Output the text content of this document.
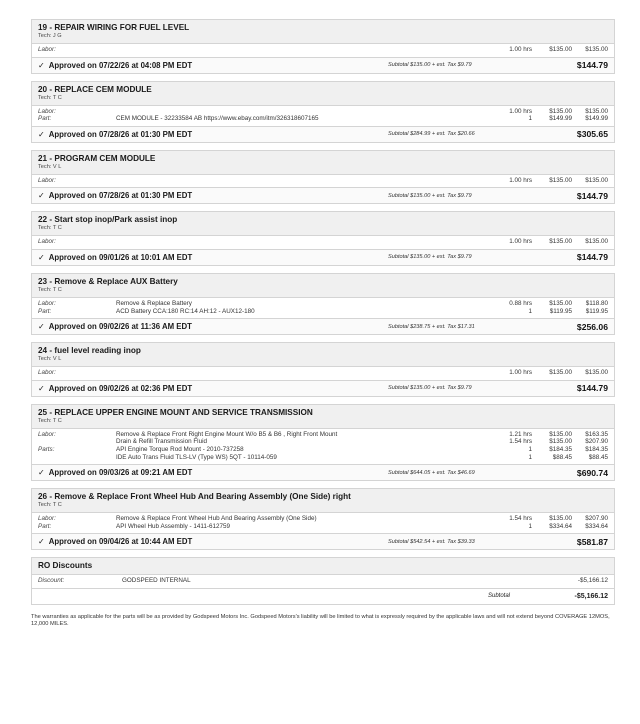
19 - REPAIR WIRING FOR FUEL LEVEL
Tech: J G
Labor:	1.00 hrs	$135.00	$135.00
✓ Approved on 07/22/26 at 04:08 PM EDT	Subtotal $135.00 + est. Tax $9.79	$144.79
20 - REPLACE CEM MODULE
Tech: T C
Labor:	1.00 hrs	$135.00	$135.00
Part:	CEM MODULE - 32233584 AB https://www.ebay.com/itm/326318607165	1	$149.99	$149.99
✓ Approved on 07/28/26 at 01:30 PM EDT	Subtotal $284.99 + est. Tax $20.66	$305.65
21 - PROGRAM CEM MODULE
Tech: V L
Labor:	1.00 hrs	$135.00	$135.00
✓ Approved on 07/28/26 at 01:30 PM EDT	Subtotal $135.00 + est. Tax $9.79	$144.79
22 - Start stop inop/Park assist inop
Tech: T C
Labor:	1.00 hrs	$135.00	$135.00
✓ Approved on 09/01/26 at 10:01 AM EDT	Subtotal $135.00 + est. Tax $9.79	$144.79
23 - Remove & Replace AUX Battery
Tech: T C
Labor:	Remove & Replace Battery	0.88 hrs	$135.00	$118.80
Part:	ACD Battery CCA:180 RC:14 AH:12 - AUX12-180	1	$119.95	$119.95
✓ Approved on 09/02/26 at 11:36 AM EDT	Subtotal $238.75 + est. Tax $17.31	$256.06
24 - fuel level reading inop
Tech: V L
Labor:	1.00 hrs	$135.00	$135.00
✓ Approved on 09/02/26 at 02:36 PM EDT	Subtotal $135.00 + est. Tax $9.79	$144.79
25 - REPLACE UPPER ENGINE MOUNT AND SERVICE TRANSMISSION
Tech: T C
Labor:	Remove & Replace Front Right Engine Mount W/o B5 & B6 , Right Front Mount	1.21 hrs	$135.00	$163.35
Drain & Refill Transmission Fluid	1.54 hrs	$135.00	$207.90
Parts:	API Engine Torque Rod Mount - 2010-737258	1	$184.35	$184.35
IDE Auto Trans Fluid TLS-LV (Type WS) 5QT - 10114-059	1	$88.45	$88.45
✓ Approved on 09/03/26 at 09:21 AM EDT	Subtotal $644.05 + est. Tax $46.69	$690.74
26 - Remove & Replace Front Wheel Hub And Bearing Assembly (One Side) right
Tech: T C
Labor:	Remove & Replace Front Wheel Hub And Bearing Assembly (One Side)	1.54 hrs	$135.00	$207.90
Part:	API Wheel Hub Assembly - 1411-612759	1	$334.64	$334.64
✓ Approved on 09/04/26 at 10:44 AM EDT	Subtotal $542.54 + est. Tax $39.33	$581.87
RO Discounts
Discount:	GODSPEED INTERNAL	-$5,166.12
Subtotal	-$5,166.12
The warranties as applicable for the parts will be as provided by Godspeed Motors Inc. Godspeed Motors's liability will be limited to what is expressly required by the applicable laws and will not extend beyond COVERAGE 12MOS, 12,000 MILES.
